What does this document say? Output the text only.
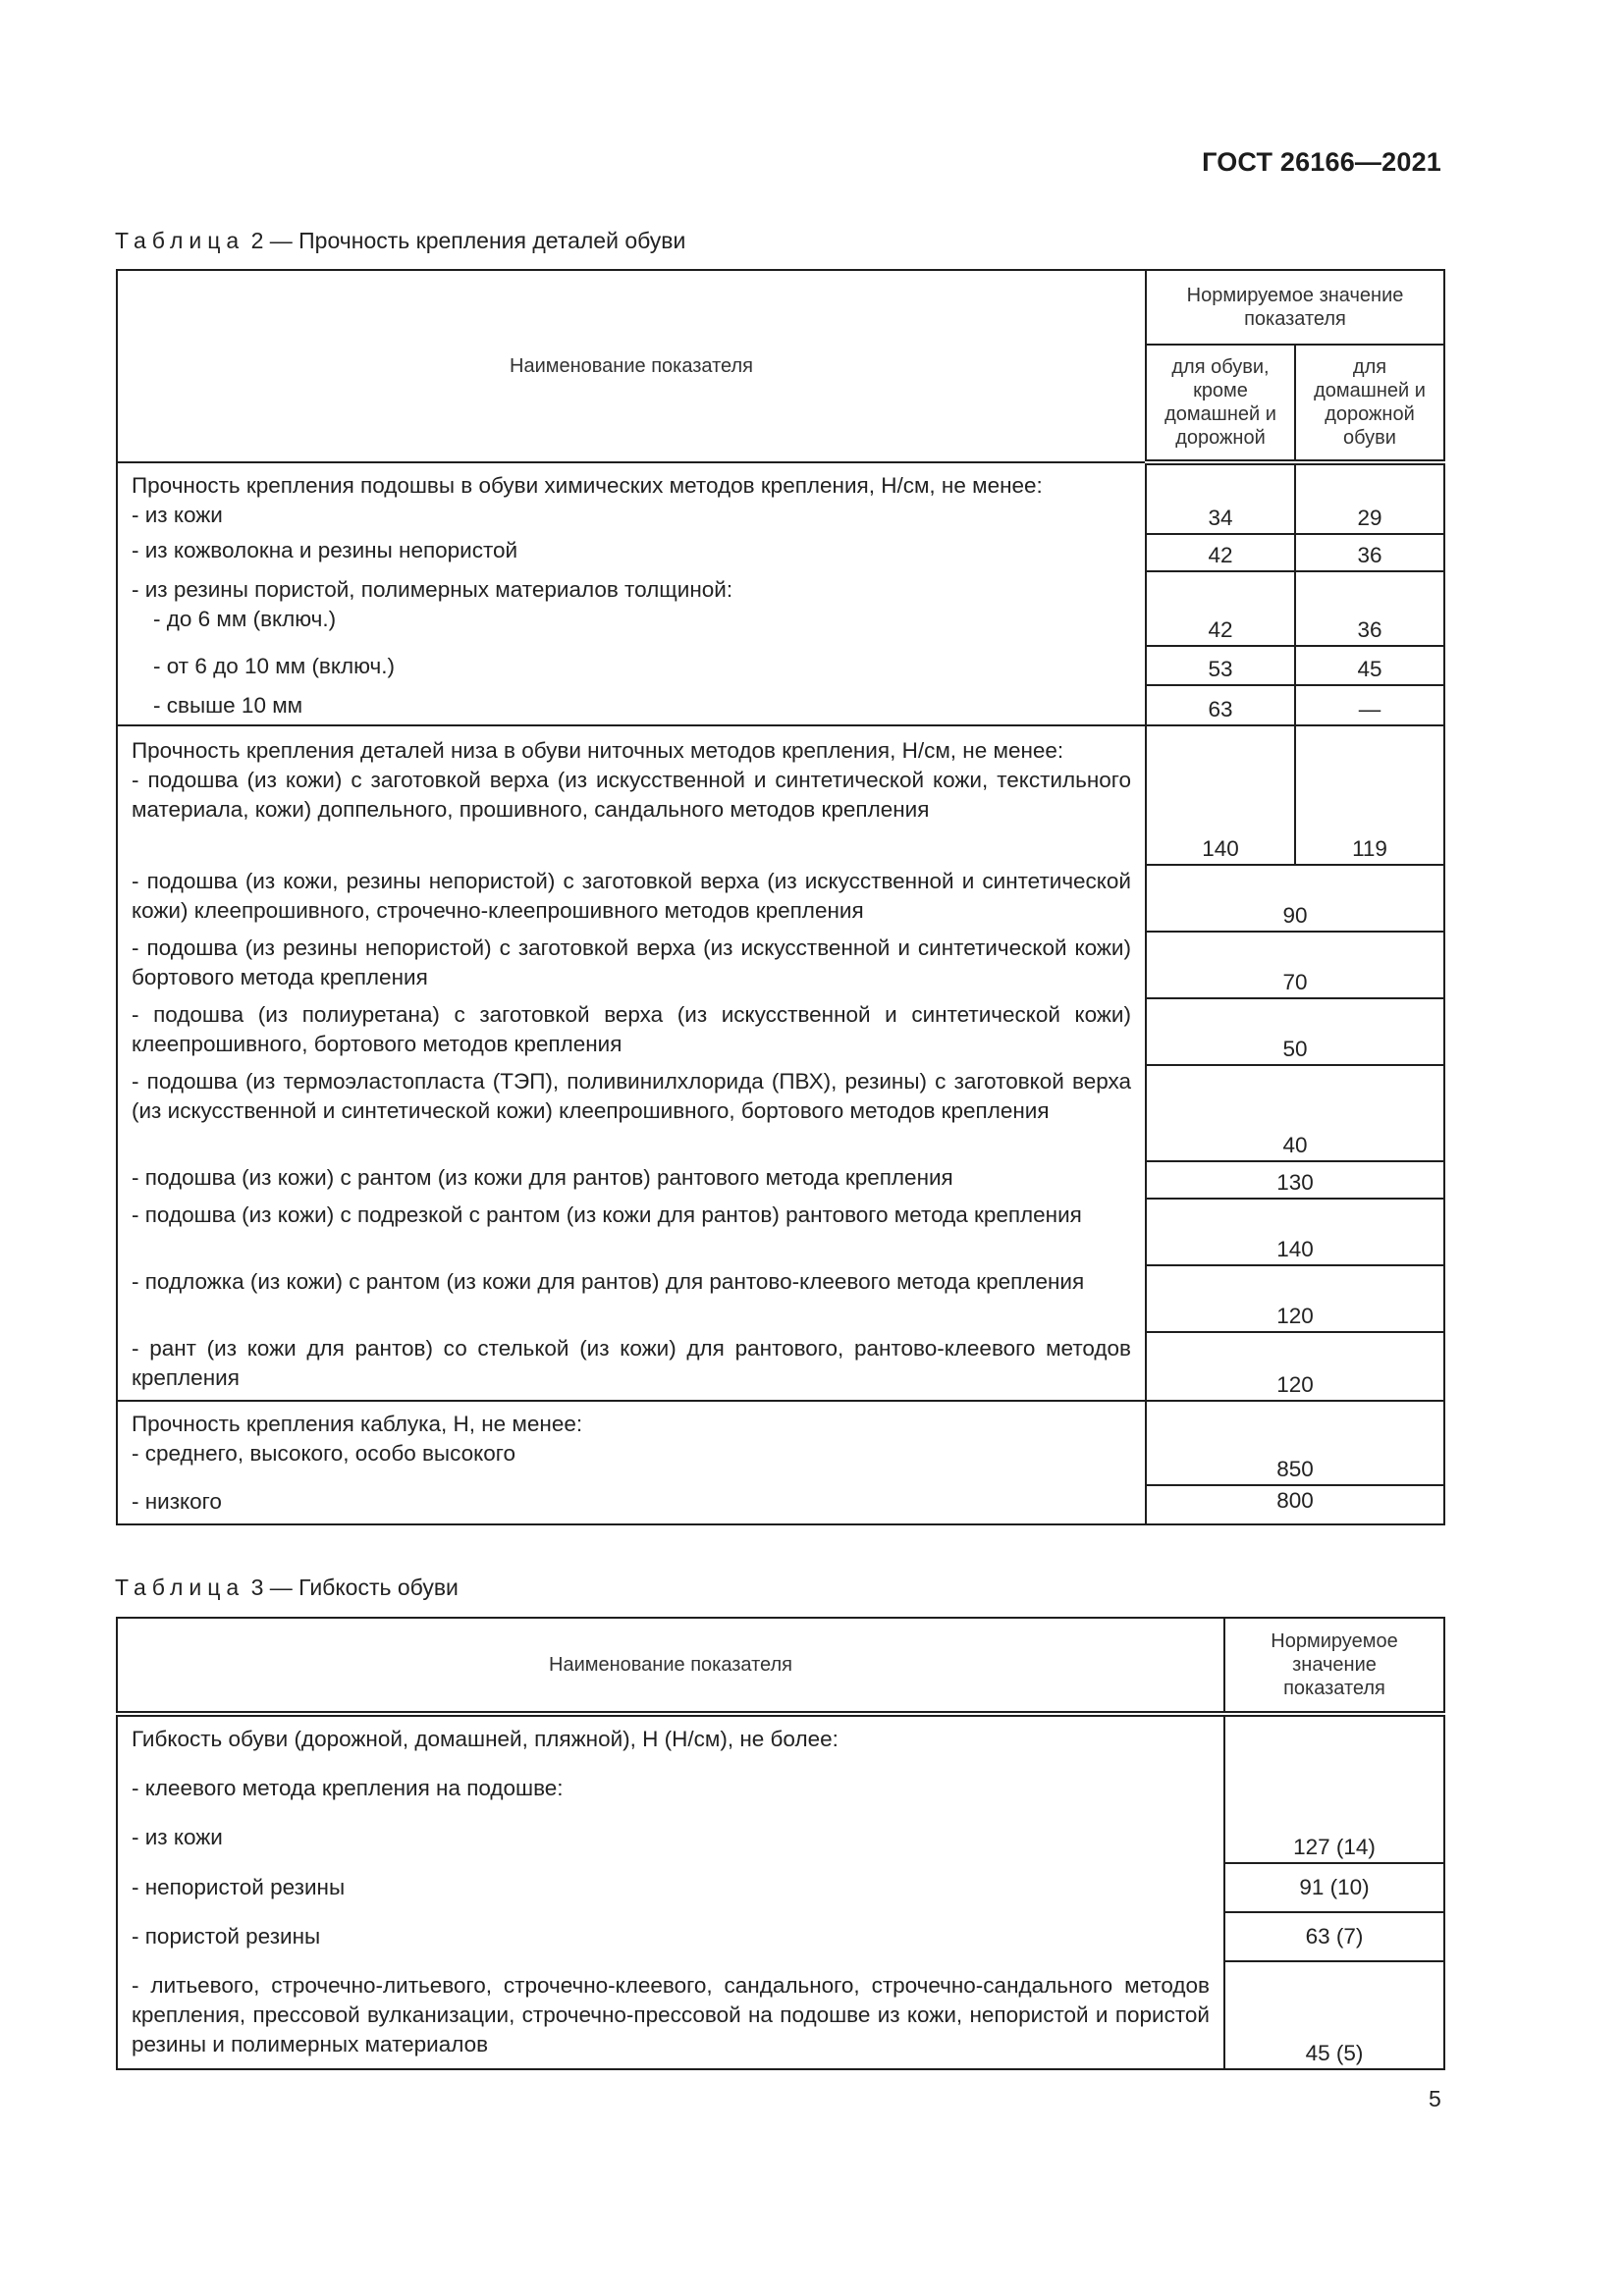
ГОСТ 26166—2021
Таблица 2 — Прочность крепления деталей обуви
Наименование показателя	Нормируемое значение показателя	
	для обуви, кроме домашней и дорожной	для домашней и дорожной обуви

Прочность крепления подошвы в обуви химических методов крепления, Н/см, не менее:
- из кожи	34	29
- из кожволокна и резины непористой	42	36

- из резины пористой, полимерных материалов толщиной:
- до 6 мм (включ.)	42	36
- от 6 до 10 мм (включ.)	53	45
- свыше 10 мм	63	—

Прочность крепления деталей низа в обуви ниточных методов крепления, Н/см, не менее:
- подошва (из кожи) с заготовкой верха (из искусственной и синтетической кожи, текстильного материала, кожи) доппельного, прошивного, сандального методов крепления	140	119
- подошва (из кожи, резины непористой) с заготовкой верха (из искусственной и синтетической кожи) клеепрошивного, строчечно-клеепрошивного методов крепления	90	
- подошва (из резины непористой) с заготовкой верха (из искусственной и синтетической кожи) бортового метода крепления	70	
- подошва (из полиуретана) с заготовкой верха (из искусственной и синтетической кожи) клеепрошивного, бортового методов крепления	50	
- подошва (из термоэластопласта (ТЭП), поливинилхлорида (ПВХ), резины) с заготовкой верха (из искусственной и синтетической кожи) клеепрошивного, бортового методов крепления	40	
- подошва (из кожи) с рантом (из кожи для рантов) рантового метода крепления	130	
- подошва (из кожи) с подрезкой с рантом (из кожи для рантов) рантового метода крепления	140	
- подложка (из кожи) с рантом (из кожи для рантов) для рантово-клеевого метода крепления	120	
- рант (из кожи для рантов) со стелькой (из кожи) для рантового, рантово-клеевого методов крепления	120	

Прочность крепления каблука, Н, не менее:
- среднего, высокого, особо высокого	850	
- низкого	800	
Таблица 3 — Гибкость обуви
Наименование показателя	Нормируемое значение показателя

Гибкость обуви (дорожной, домашней, пляжной), Н (Н/см), не более:
- клеевого метода крепления на подошве:
- из кожи	127 (14)
- непористой резины	91 (10)
- пористой резины	63 (7)
- литьевого, строчечно-литьевого, строчечно-клеевого, сандального, строчечно-сандального методов крепления, прессовой вулканизации, строчечно-прессовой на подошве из кожи, непористой и пористой резины и полимерных материалов	45 (5)
5
